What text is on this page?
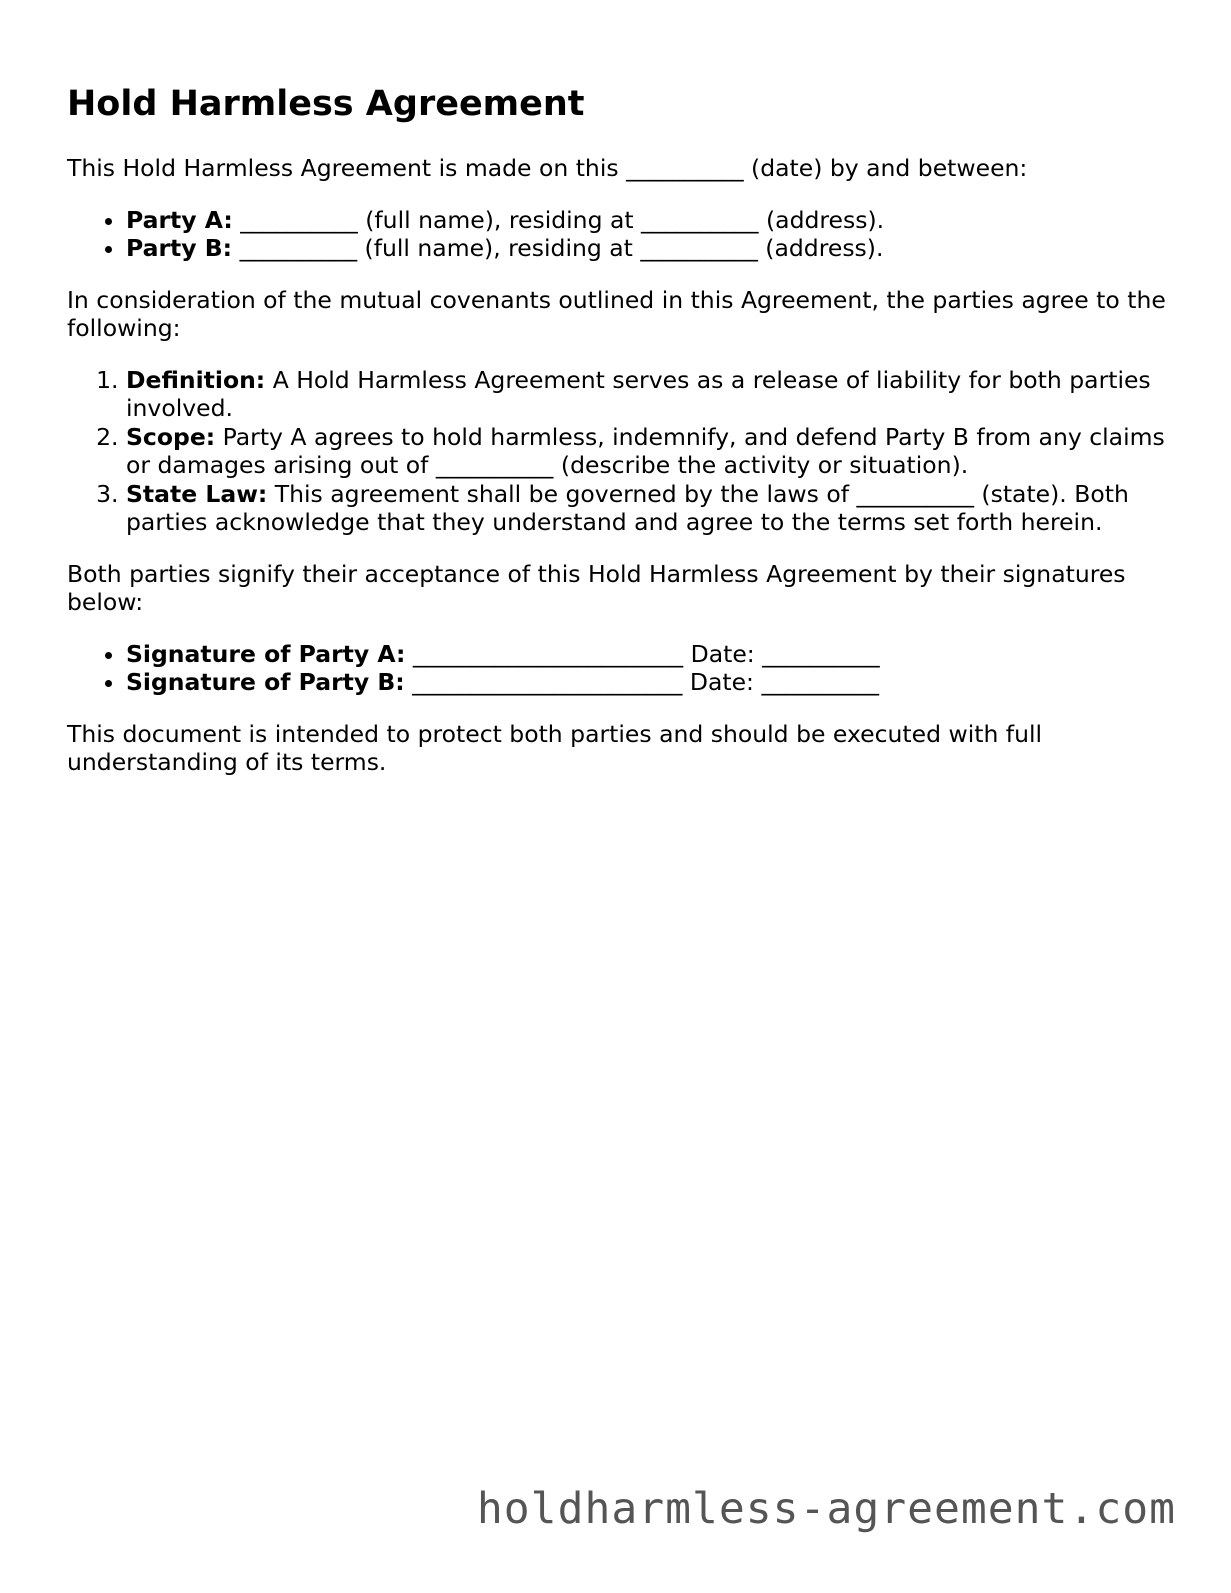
Hold Harmless Agreement

This Hold Harmless Agreement is made on this __________ (date) by and between:

• Party A: __________ (full name), residing at __________ (address).
• Party B: __________ (full name), residing at __________ (address).

In consideration of the mutual covenants outlined in this Agreement, the parties agree to the following:

1. Definition: A Hold Harmless Agreement serves as a release of liability for both parties involved.
2. Scope: Party A agrees to hold harmless, indemnify, and defend Party B from any claims or damages arising out of __________ (describe the activity or situation).
3. State Law: This agreement shall be governed by the laws of __________ (state). Both parties acknowledge that they understand and agree to the terms set forth herein.

Both parties signify their acceptance of this Hold Harmless Agreement by their signatures below:

• Signature of Party A: _______________________ Date: __________
• Signature of Party B: _______________________ Date: __________

This document is intended to protect both parties and should be executed with full understanding of its terms.

holdharmless-agreement.com
